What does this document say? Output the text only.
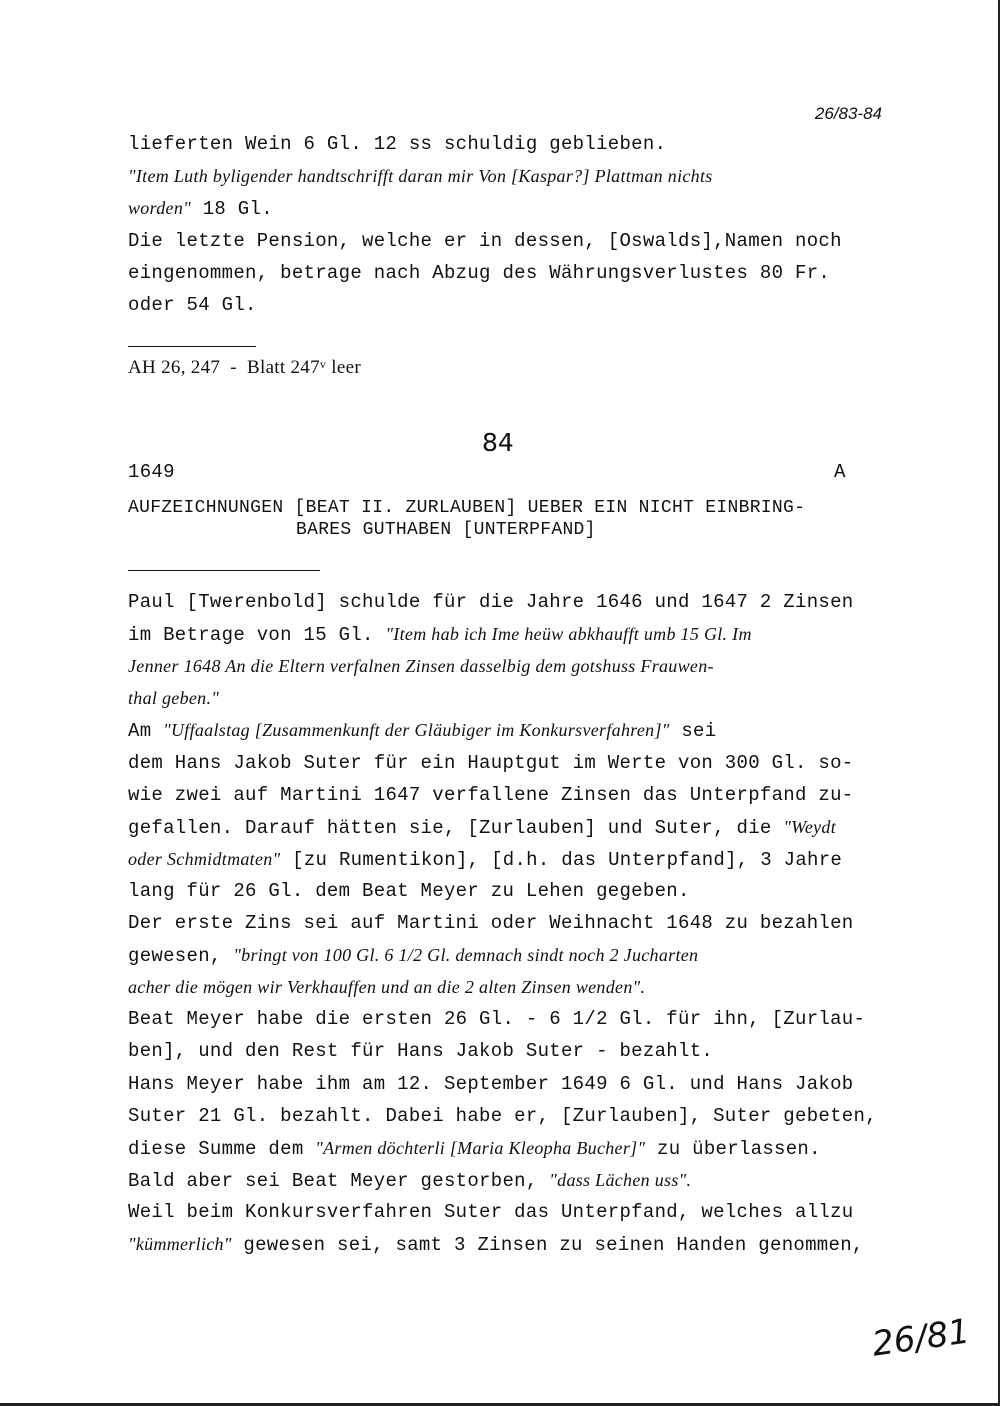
26/83-84
lieferten Wein 6 Gl. 12 ss schuldig geblieben.
"Item Luth byligender handtschrifft daran mir Von [Kaspar?] Plattman nichts
worden" 18 Gl.
Die letzte Pension, welche er in dessen, [Oswalds],Namen noch
eingenommen, betrage nach Abzug des Währungsverlustes 80 Fr.
oder 54 Gl.
AH 26, 247  -  Blatt 247$^v$ leer
84
1649	A
AUFZEICHNUNGEN [BEAT II. ZURLAUBEN] UEBER EIN NICHT EINBRING-
BARES GUTHABEN [UNTERPFAND]
Paul [Twerenbold] schulde für die Jahre 1646 und 1647 2 Zinsen
im Betrage von 15 Gl. "Item hab ich Ime heüw abkhaufft umb 15 Gl. Im
Jenner 1648 An die Eltern verfalnen Zinsen dasselbig dem gotshuss Frauwen-
thal geben."
Am "Uffaalstag [Zusammenkunft der Gläubiger im Konkursverfahren]" sei
dem Hans Jakob Suter für ein Hauptgut im Werte von 300 Gl. so-
wie zwei auf Martini 1647 verfallene Zinsen das Unterpfand zu-
gefallen. Darauf hätten sie, [Zurlauben] und Suter, die "Weydt
oder Schmidtmaten" [zu Rumentikon], [d.h. das Unterpfand], 3 Jahre
lang für 26 Gl. dem Beat Meyer zu Lehen gegeben.
Der erste Zins sei auf Martini oder Weihnacht 1648 zu bezahlen
gewesen, "bringt von 100 Gl. 6 1/2 Gl. demnach sindt noch 2 Jucharten
acher die mögen wir Verkhauffen und an die 2 alten Zinsen wenden".
Beat Meyer habe die ersten 26 Gl. - 6 1/2 Gl. für ihn, [Zurlau-
ben], und den Rest für Hans Jakob Suter - bezahlt.
Hans Meyer habe ihm am 12. September 1649 6 Gl. und Hans Jakob
Suter 21 Gl. bezahlt. Dabei habe er, [Zurlauben], Suter gebeten,
diese Summe dem "Armen döchterli [Maria Kleopha Bucher]" zu überlassen.
Bald aber sei Beat Meyer gestorben, "dass Lächen uss".
Weil beim Konkursverfahren Suter das Unterpfand, welches allzu
"kümmerlich" gewesen sei, samt 3 Zinsen zu seinen Handen genommen,
26/81
